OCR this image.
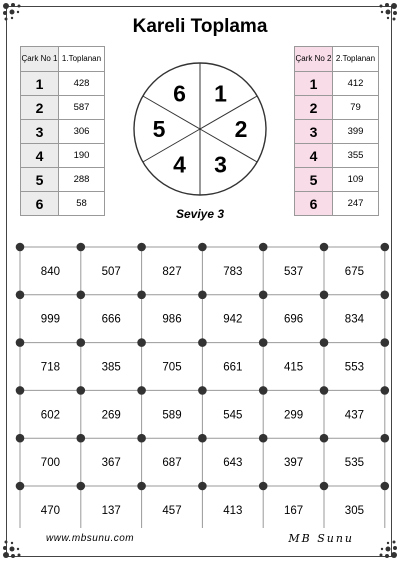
Kareli Toplama
Çark No 1	1.Toplanan
1	428
2	587
3	306
4	190
5	288
6	58
Çark No 2	2.Toplanan
1	412
2	79
3	399
4	355
5	109
6	247
1
2
3
4
5
6
Seviye 3
840	507	827	783	537	675
999	666	986	942	696	834
718	385	705	661	415	553
602	269	589	545	299	437
700	367	687	643	397	535
470	137	457	413	167	305
www.mbsunu.com	MB Sunu
